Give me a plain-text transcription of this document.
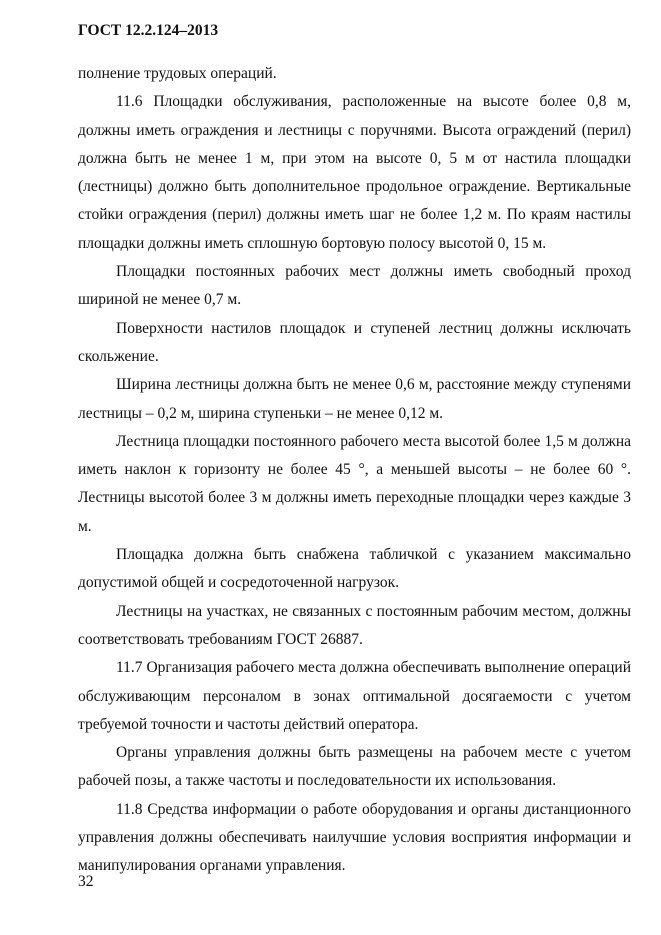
ГОСТ 12.2.124–2013

полнение трудовых операций.

11.6 Площадки обслуживания, расположенные на высоте более 0,8 м, должны иметь ограждения и лестницы с поручнями. Высота ограждений (перил) должна быть не менее 1 м, при этом на высоте 0, 5 м от настила площадки (лестницы) должно быть дополнительное продольное ограждение. Вертикальные стойки ограждения (перил) должны иметь шаг не более 1,2 м. По краям настилы площадки должны иметь сплошную бортовую полосу высотой 0, 15 м.

Площадки постоянных рабочих мест должны иметь свободный проход шириной не менее 0,7 м.

Поверхности настилов площадок и ступеней лестниц должны исключать скольжение.

Ширина лестницы должна быть не менее 0,6 м, расстояние между ступенями лестницы – 0,2 м, ширина ступеньки – не менее 0,12 м.

Лестница площадки постоянного рабочего места высотой более 1,5 м должна иметь наклон к горизонту не более 45 °, а меньшей высоты – не более 60 °. Лестницы высотой более 3 м должны иметь переходные площадки через каждые 3 м.

Площадка должна быть снабжена табличкой с указанием максимально допустимой общей и сосредоточенной нагрузок.

Лестницы на участках, не связанных с постоянным рабочим местом, должны соответствовать требованиям ГОСТ 26887.

11.7 Организация рабочего места должна обеспечивать выполнение операций обслуживающим персоналом в зонах оптимальной досягаемости с учетом требуемой точности и частоты действий оператора.

Органы управления должны быть размещены на рабочем месте с учетом рабочей позы, а также частоты и последовательности их использования.

11.8 Средства информации о работе оборудования и органы дистанционного управления должны обеспечивать наилучшие условия восприятия информации и манипулирования органами управления.

32
